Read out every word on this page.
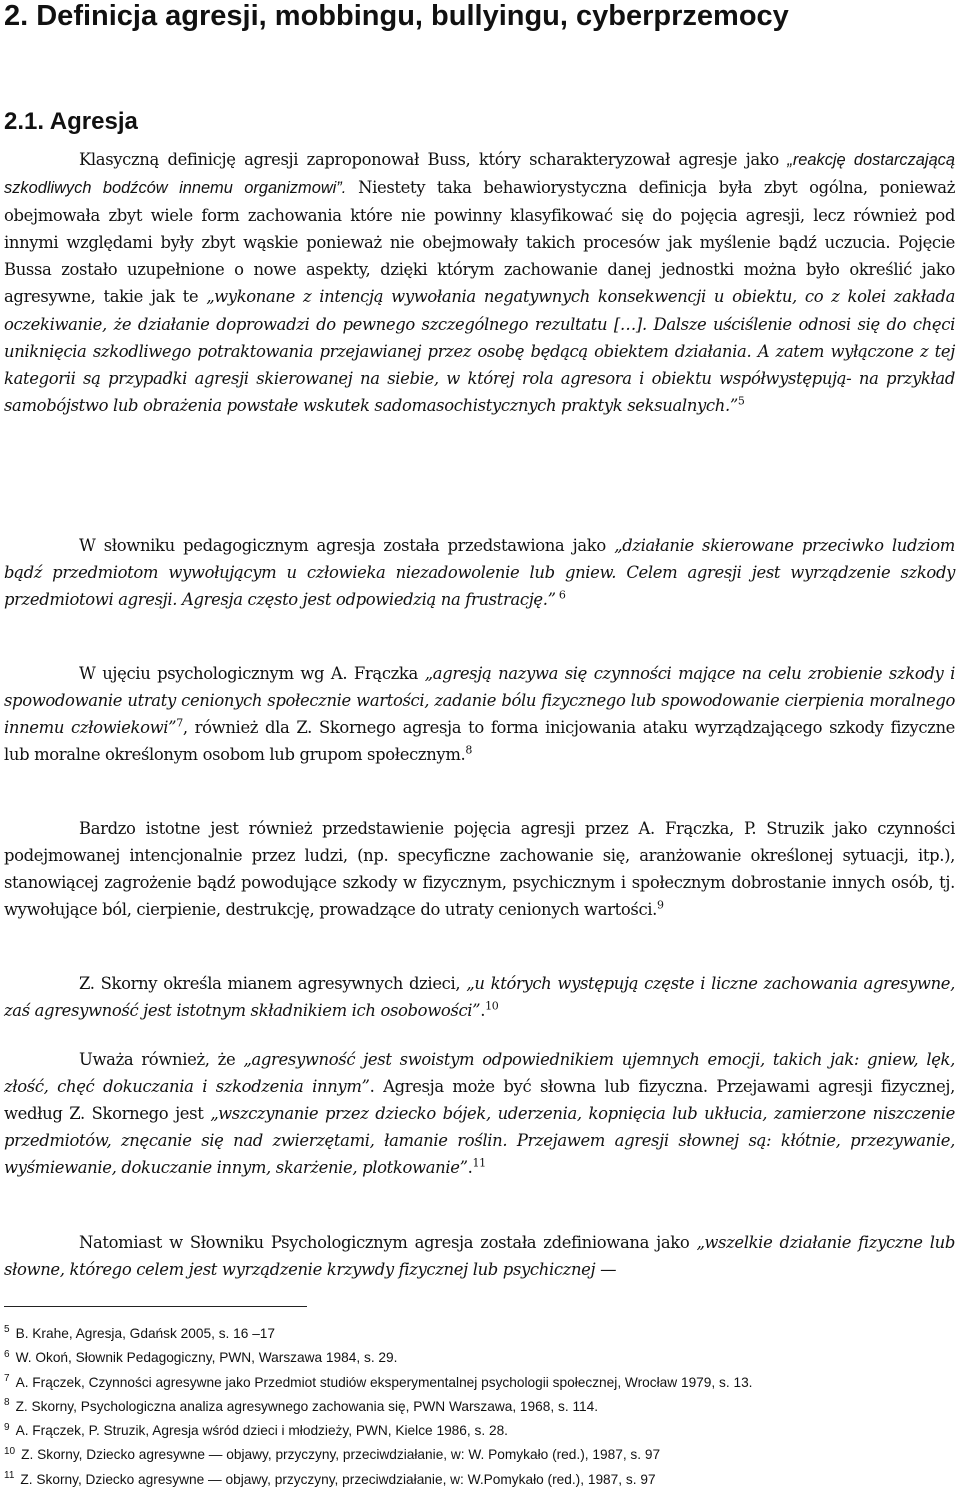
2. Definicja agresji, mobbingu, bullyingu, cyberprzemocy
2.1. Agresja

Klasyczną definicję agresji zaproponował Buss, który scharakteryzował agresje jako „reakcję dostarczającą szkodliwych bodźców innemu organizmowi”. Niestety taka behawiorystyczna definicja była zbyt ogólna, ponieważ obejmowała zbyt wiele form zachowania które nie powinny klasyfikować się do pojęcia agresji, lecz również pod innymi względami były zbyt wąskie ponieważ nie obejmowały takich procesów jak myślenie bądź uczucia. Pojęcie Bussa zostało uzupełnione o nowe aspekty, dzięki którym zachowanie danej jednostki można było określić jako agresywne, takie jak te „wykonane z intencją wywołania negatywnych konsekwencji u obiektu, co z kolei zakłada oczekiwanie, że działanie doprowadzi do pewnego szczególnego rezultatu […]. Dalsze uściślenie odnosi się do chęci uniknięcia szkodliwego potraktowania przejawianej przez osobę będącą obiektem działania. A zatem wyłączone z tej kategorii są przypadki agresji skierowanej na siebie, w której rola agresora i obiektu współwystępują- na przykład samobójstwo lub obrażenia powstałe wskutek sadomasochistycznych praktyk seksualnych.”$^5$

W słowniku pedagogicznym agresja została przedstawiona jako „działanie skierowane przeciwko ludziom bądź przedmiotom wywołującym u człowieka niezadowolenie lub gniew. Celem agresji jest wyrządzenie szkody przedmiotowi agresji. Agresja często jest odpowiedzią na frustrację.” $^6$

W ujęciu psychologicznym wg A. Frączka „agresją nazywa się czynności mające na celu zrobienie szkody i spowodowanie utraty cenionych społecznie wartości, zadanie bólu fizycznego lub spowodowanie cierpienia moralnego innemu człowiekowi”$^7$, również dla Z. Skornego agresja to forma inicjowania ataku wyrządzającego szkody fizyczne lub moralne określonym osobom lub grupom społecznym.$^8$

Bardzo istotne jest również przedstawienie pojęcia agresji przez A. Frączka, P. Struzik jako czynności podejmowanej intencjonalnie przez ludzi, (np. specyficzne zachowanie się, aranżowanie określonej sytuacji, itp.), stanowiącej zagrożenie bądź powodujące szkody w fizycznym, psychicznym i społecznym dobrostanie innych osób, tj. wywołujące ból, cierpienie, destrukcję, prowadzące do utraty cenionych wartości.$^9$

Z. Skorny określa mianem agresywnych dzieci, „u których występują częste i liczne zachowania agresywne, zaś agresywność jest istotnym składnikiem ich osobowości”.$^{10}$

Uważa również, że „agresywność jest swoistym odpowiednikiem ujemnych emocji, takich jak: gniew, lęk, złość, chęć dokuczania i szkodzenia innym”. Agresja może być słowna lub fizyczna. Przejawami agresji fizycznej, według Z. Skornego jest „wszczynanie przez dziecko bójek, uderzenia, kopnięcia lub ukłucia, zamierzone niszczenie przedmiotów, znęcanie się nad zwierzętami, łamanie roślin. Przejawem agresji słownej są: kłótnie, przezywanie, wyśmiewanie, dokuczanie innym, skarżenie, plotkowanie”.$^{11}$

Natomiast w Słowniku Psychologicznym agresja została zdefiniowana jako „wszelkie działanie fizyczne lub słowne, którego celem jest wyrządzenie krzywdy fizycznej lub psychicznej —

$^5$ B. Krahe, Agresja, Gdańsk 2005, s. 16 –17
$^6$ W. Okoń, Słownik Pedagogiczny, PWN, Warszawa 1984, s. 29.
$^7$ A. Frączek, Czynności agresywne jako Przedmiot studiów eksperymentalnej psychologii społecznej, Wrocław 1979, s. 13.
$^8$ Z. Skorny, Psychologiczna analiza agresywnego zachowania się, PWN Warszawa, 1968, s. 114.
$^9$ A. Frączek, P. Struzik, Agresja wśród dzieci i młodzieży, PWN, Kielce 1986, s. 28.
$^{10}$ Z. Skorny, Dziecko agresywne — objawy, przyczyny, przeciwdziałanie, w: W. Pomykało (red.), 1987, s. 97
$^{11}$ Z. Skorny, Dziecko agresywne — objawy, przyczyny, przeciwdziałanie, w: W.Pomykało (red.), 1987, s. 97
